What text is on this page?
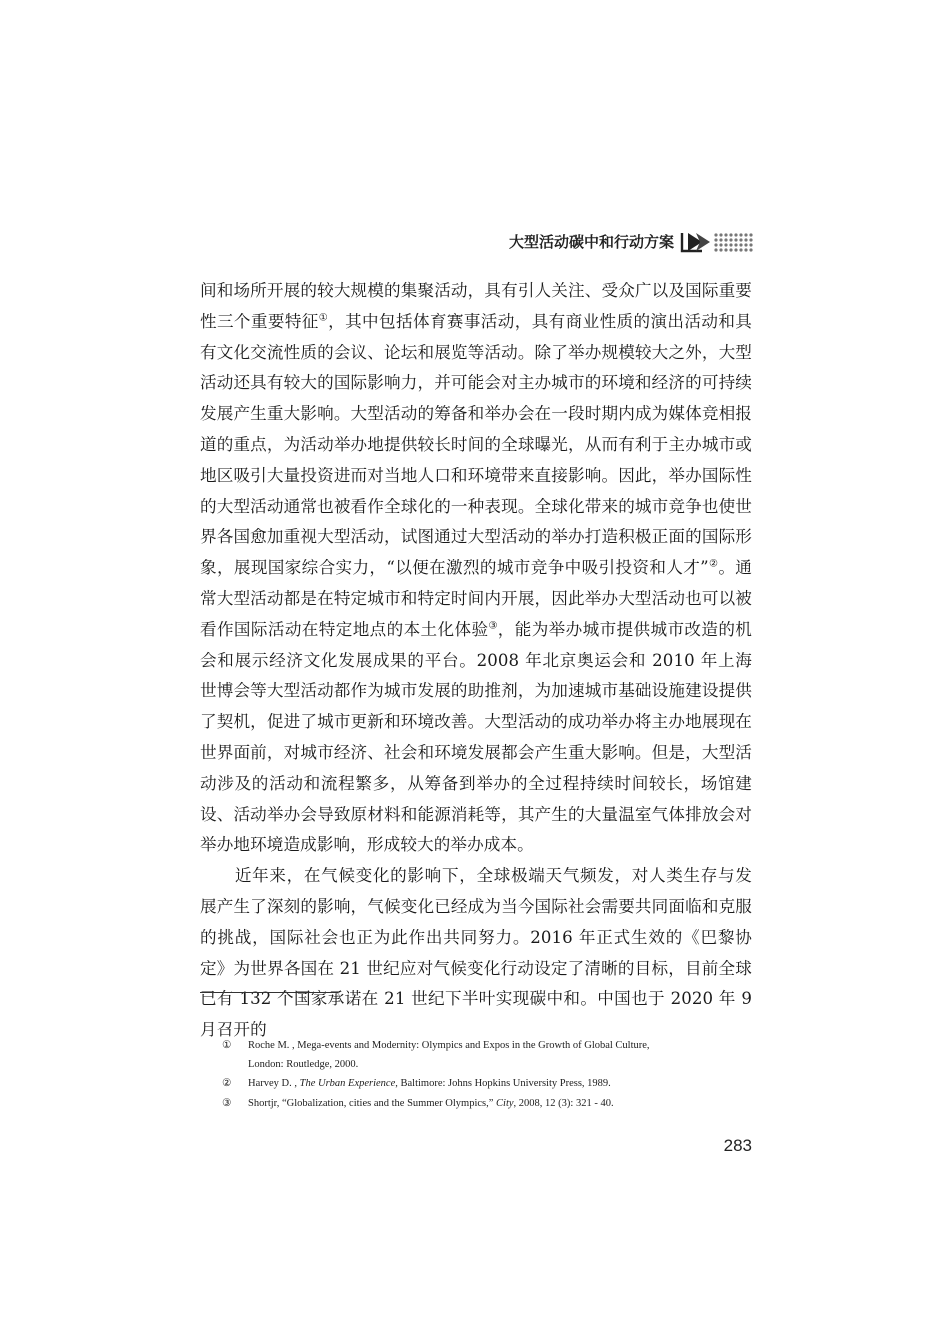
大型活动碳中和行动方案

间和场所开展的较大规模的集聚活动，具有引人关注、受众广以及国际重要性三个重要特征①，其中包括体育赛事活动，具有商业性质的演出活动和具有文化交流性质的会议、论坛和展览等活动。除了举办规模较大之外，大型活动还具有较大的国际影响力，并可能会对主办城市的环境和经济的可持续发展产生重大影响。大型活动的筹备和举办会在一段时期内成为媒体竞相报道的重点，为活动举办地提供较长时间的全球曝光，从而有利于主办城市或地区吸引大量投资进而对当地人口和环境带来直接影响。因此，举办国际性的大型活动通常也被看作全球化的一种表现。全球化带来的城市竞争也使世界各国愈加重视大型活动，试图通过大型活动的举办打造积极正面的国际形象，展现国家综合实力，“以便在激烈的城市竞争中吸引投资和人才”②。通常大型活动都是在特定城市和特定时间内开展，因此举办大型活动也可以被看作国际活动在特定地点的本土化体验③，能为举办城市提供城市改造的机会和展示经济文化发展成果的平台。2008 年北京奥运会和 2010 年上海世博会等大型活动都作为城市发展的助推剂，为加速城市基础设施建设提供了契机，促进了城市更新和环境改善。大型活动的成功举办将主办地展现在世界面前，对城市经济、社会和环境发展都会产生重大影响。但是，大型活动涉及的活动和流程繁多，从筹备到举办的全过程持续时间较长，场馆建设、活动举办会导致原材料和能源消耗等，其产生的大量温室气体排放会对举办地环境造成影响，形成较大的举办成本。

近年来，在气候变化的影响下，全球极端天气频发，对人类生存与发展产生了深刻的影响，气候变化已经成为当今国际社会需要共同面临和克服的挑战，国际社会也正为此作出共同努力。2016 年正式生效的《巴黎协定》为世界各国在 21 世纪应对气候变化行动设定了清晰的目标，目前全球已有 132 个国家承诺在 21 世纪下半叶实现碳中和。中国也于 2020 年 9 月召开的

①	Roche M. , Mega-events and Modernity: Olympics and Expos in the Growth of Global Culture,
London: Routledge, 2000.
②	Harvey D. , The Urban Experience, Baltimore: Johns Hopkins University Press, 1989.
③	Shortjr, “Globalization, cities and the Summer Olympics,” City, 2008, 12 (3): 321 - 40.
283
